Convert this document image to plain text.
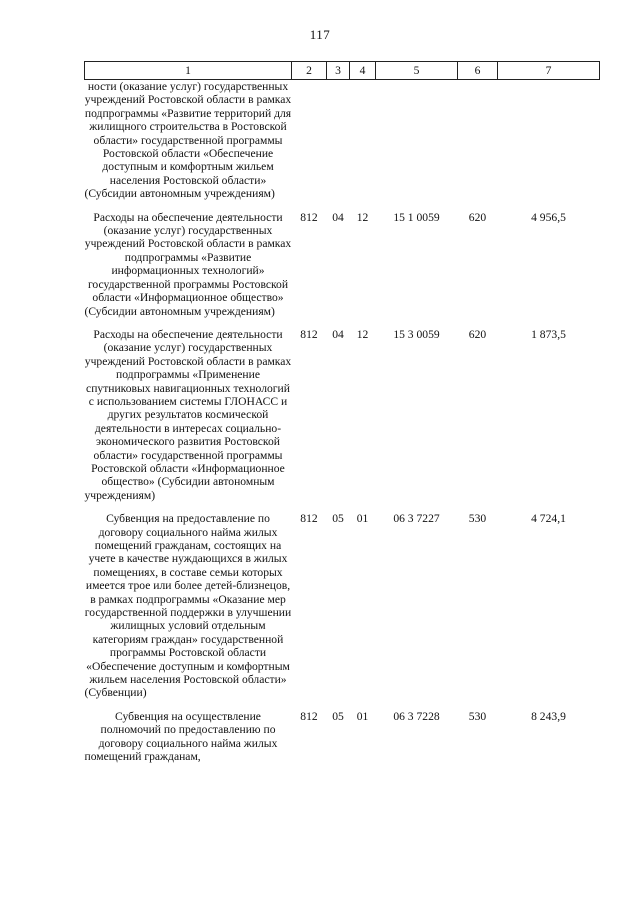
117
1	2	3	4	5	6	7
ности (оказание услуг) государственных учреждений Ростовской области в рамках подпрограммы «Развитие территорий для жилищного строительства в Ростовской области» государственной программы Ростовской области «Обеспечение доступным и комфортным жильем населения Ростовской области» (Субсидии автономным учреждениям)						

Расходы на обеспечение деятельности (оказание услуг) государственных учреждений Ростовской области в рамках подпрограммы «Развитие информационных технологий» государственной программы Ростовской области «Информационное общество» (Субсидии автономным учреждениям)	812	04	12	15 1 0059	620	4 956,5

Расходы на обеспечение деятельности (оказание услуг) государственных учреждений Ростовской области в рамках подпрограммы «Применение спутниковых навигационных технологий с использованием системы ГЛОНАСС и других результатов космической деятельности в интересах социально-экономического развития Ростовской области» государственной программы Ростовской области «Информационное общество» (Субсидии автономным учреждениям)	812	04	12	15 3 0059	620	1 873,5

Субвенция на предоставление по договору социального найма жилых помещений гражданам, состоящих на учете в качестве нуждающихся в жилых помещениях, в составе семьи которых имеется трое или более детей-близнецов, в рамках подпрограммы «Оказание мер государственной поддержки в улучшении жилищных условий отдельным категориям граждан» государственной программы Ростовской области «Обеспечение доступным и комфортным жильем населения Ростовской области» (Субвенции)	812	05	01	06 3 7227	530	4 724,1

Субвенция на осуществление полномочий по предоставлению по договору социального найма жилых помещений гражданам,	812	05	01	06 3 7228	530	8 243,9
